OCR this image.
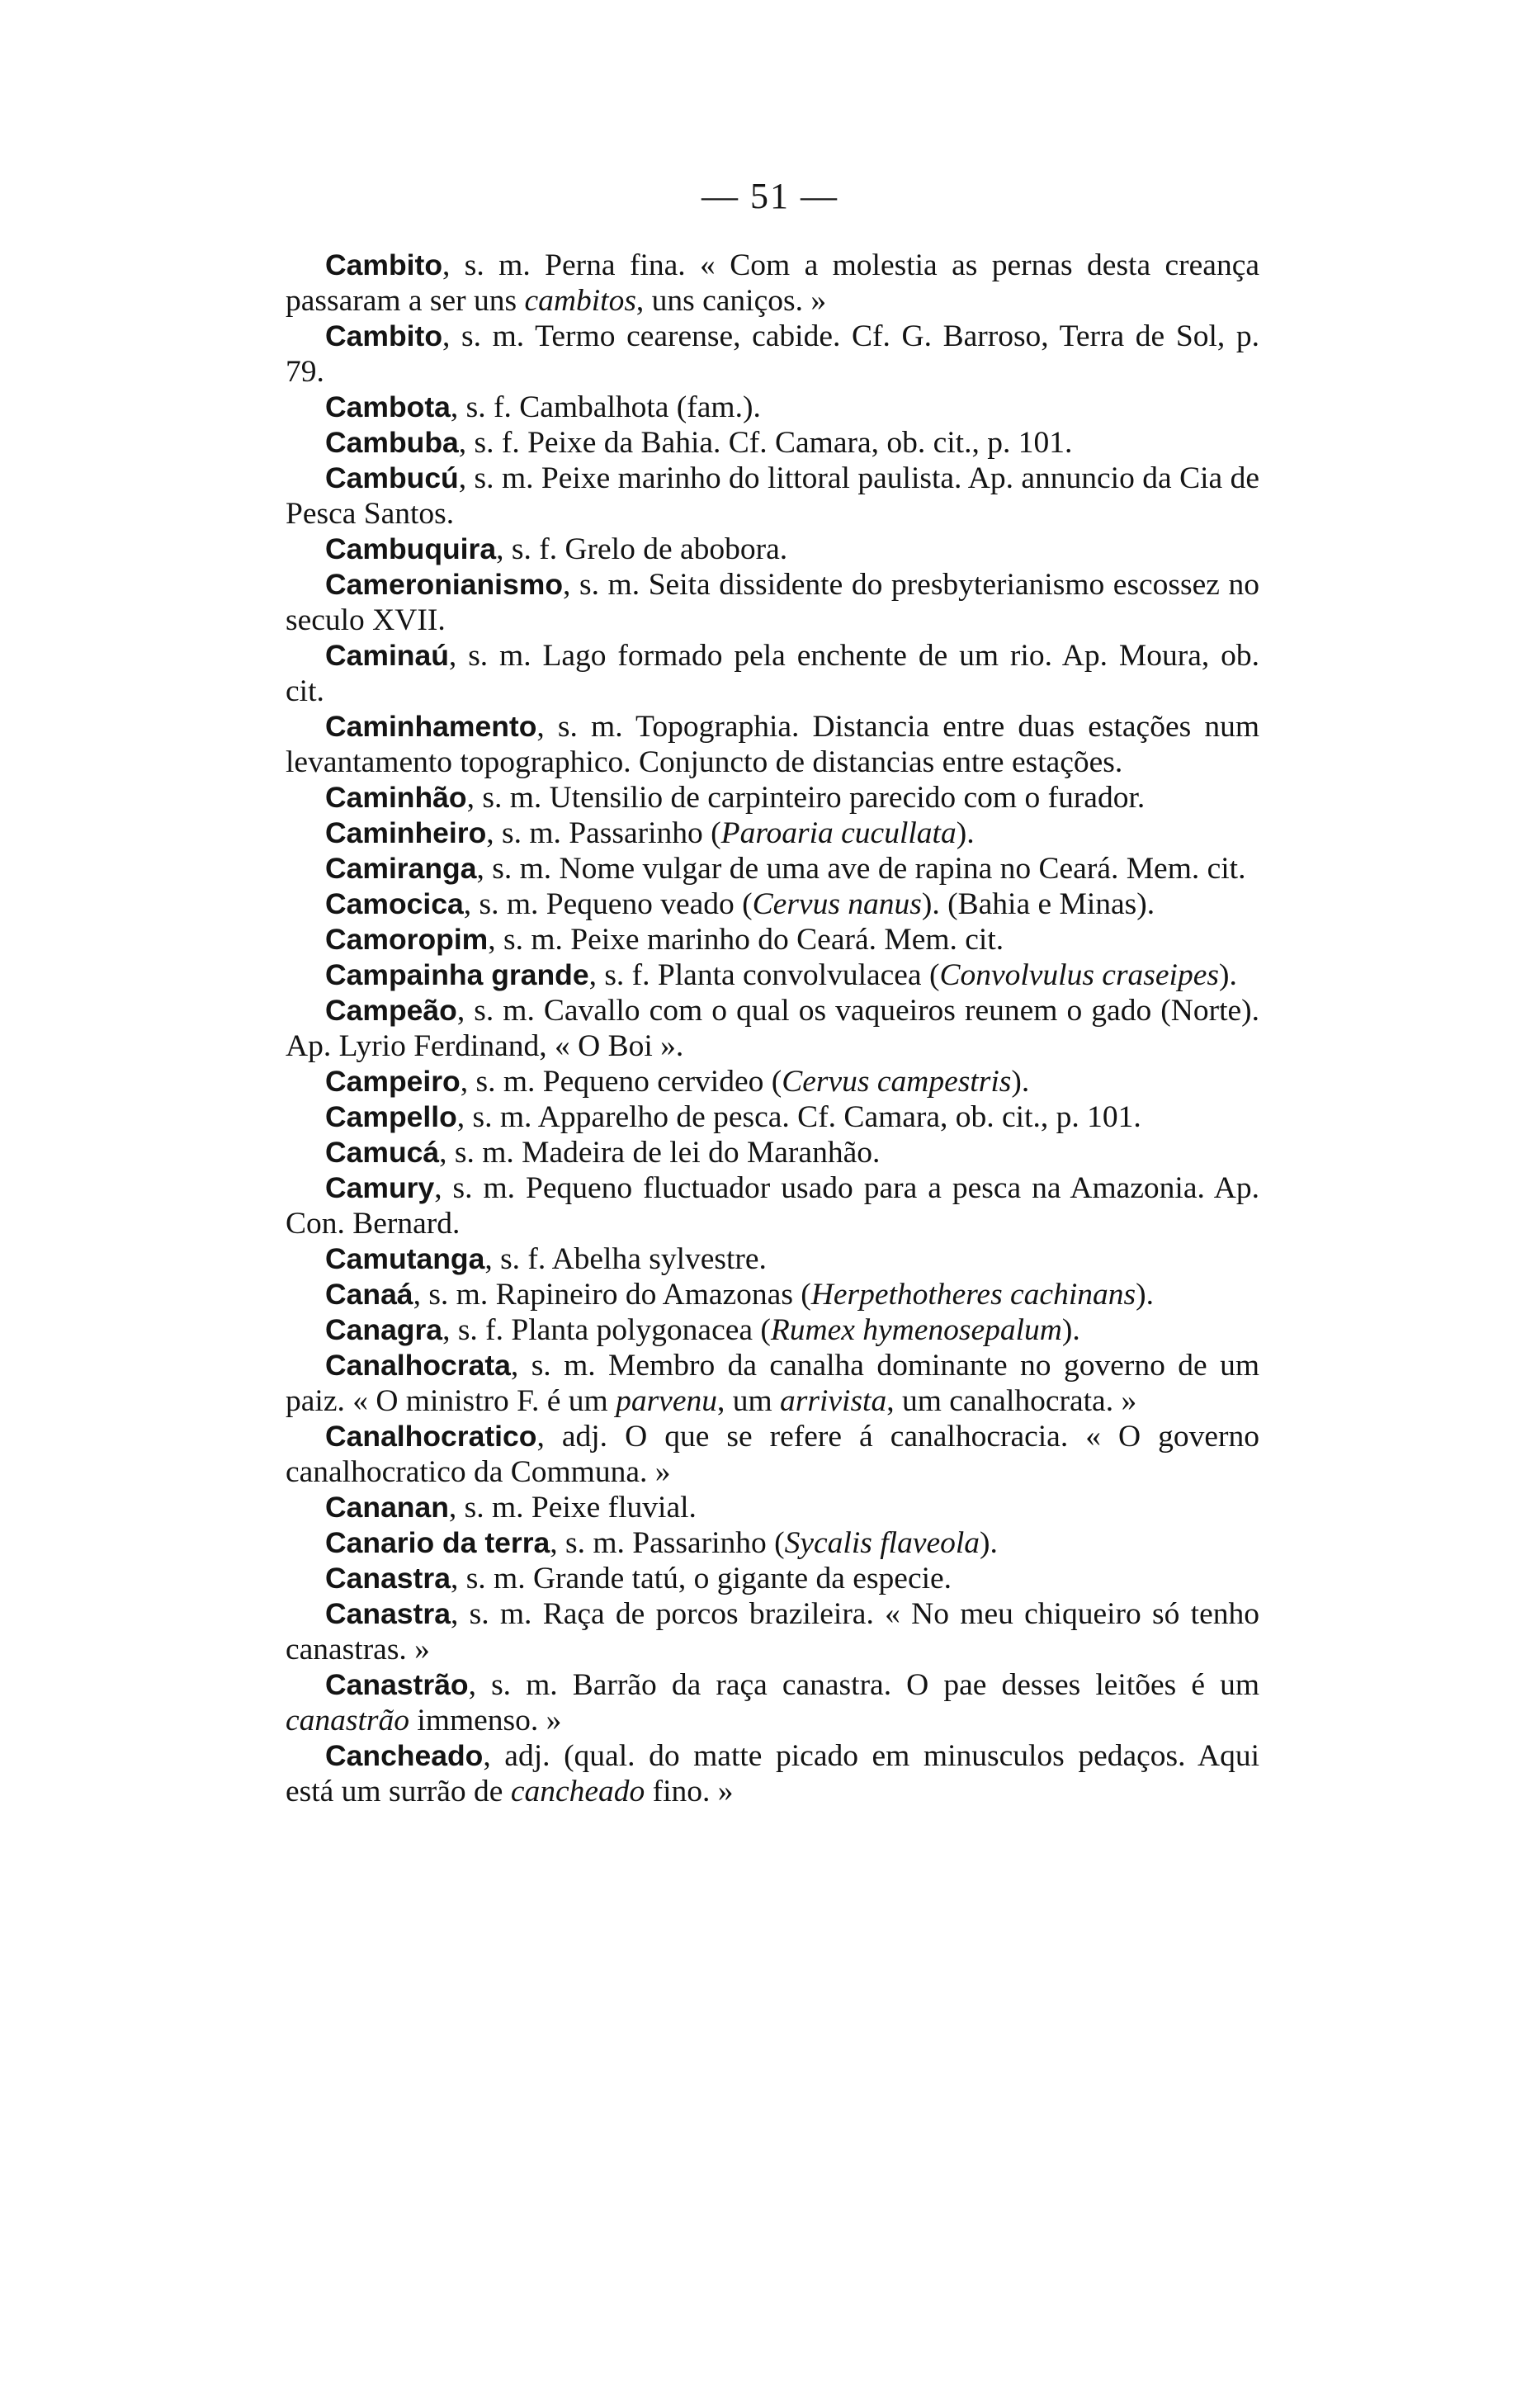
— 51 —

Cambito, s. m. Perna fina. « Com a molestia as pernas desta creança passaram a ser uns cambitos, uns caniços. »

Cambito, s. m. Termo cearense, cabide. Cf. G. Barroso, Terra de Sol, p. 79.

Cambota, s. f. Cambalhota (fam.).

Cambuba, s. f. Peixe da Bahia. Cf. Camara, ob. cit., p. 101.

Cambucú, s. m. Peixe marinho do littoral paulista. Ap. annuncio da Cia de Pesca Santos.

Cambuquira, s. f. Grelo de abobora.

Cameronianismo, s. m. Seita dissidente do presbyterianismo escossez no seculo XVII.

Caminaú, s. m. Lago formado pela enchente de um rio. Ap. Moura, ob. cit.

Caminhamento, s. m. Topographia. Distancia entre duas estações num levantamento topographico. Conjuncto de distancias entre estações.

Caminhão, s. m. Utensilio de carpinteiro parecido com o furador.

Caminheiro, s. m. Passarinho (Paroaria cucullata).

Camiranga, s. m. Nome vulgar de uma ave de rapina no Ceará. Mem. cit.

Camocica, s. m. Pequeno veado (Cervus nanus). (Bahia e Minas).

Camoropim, s. m. Peixe marinho do Ceará. Mem. cit.

Campainha grande, s. f. Planta convolvulacea (Convolvulus craseipes).

Campeão, s. m. Cavallo com o qual os vaqueiros reunem o gado (Norte). Ap. Lyrio Ferdinand, « O Boi ».

Campeiro, s. m. Pequeno cervideo (Cervus campestris).

Campello, s. m. Apparelho de pesca. Cf. Camara, ob. cit., p. 101.

Camucá, s. m. Madeira de lei do Maranhão.

Camury, s. m. Pequeno fluctuador usado para a pesca na Amazonia. Ap. Con. Bernard.

Camutanga, s. f. Abelha sylvestre.

Canaá, s. m. Rapineiro do Amazonas (Herpethotheres cachinans).

Canagra, s. f. Planta polygonacea (Rumex hymenosepalum).

Canalhocrata, s. m. Membro da canalha dominante no governo de um paiz. « O ministro F. é um parvenu, um arrivista, um canalhocrata. »

Canalhocratico, adj. O que se refere á canalhocracia. « O governo canalhocratico da Communa. »

Cananan, s. m. Peixe fluvial.

Canario da terra, s. m. Passarinho (Sycalis flaveola).

Canastra, s. m. Grande tatú, o gigante da especie.

Canastra, s. m. Raça de porcos brazileira. « No meu chiqueiro só tenho canastras. »

Canastrão, s. m. Barrão da raça canastra. O pae desses leitões é um canastrão immenso. »

Cancheado, adj. (qual. do matte picado em minusculos pedaços. Aqui está um surrão de cancheado fino. »
